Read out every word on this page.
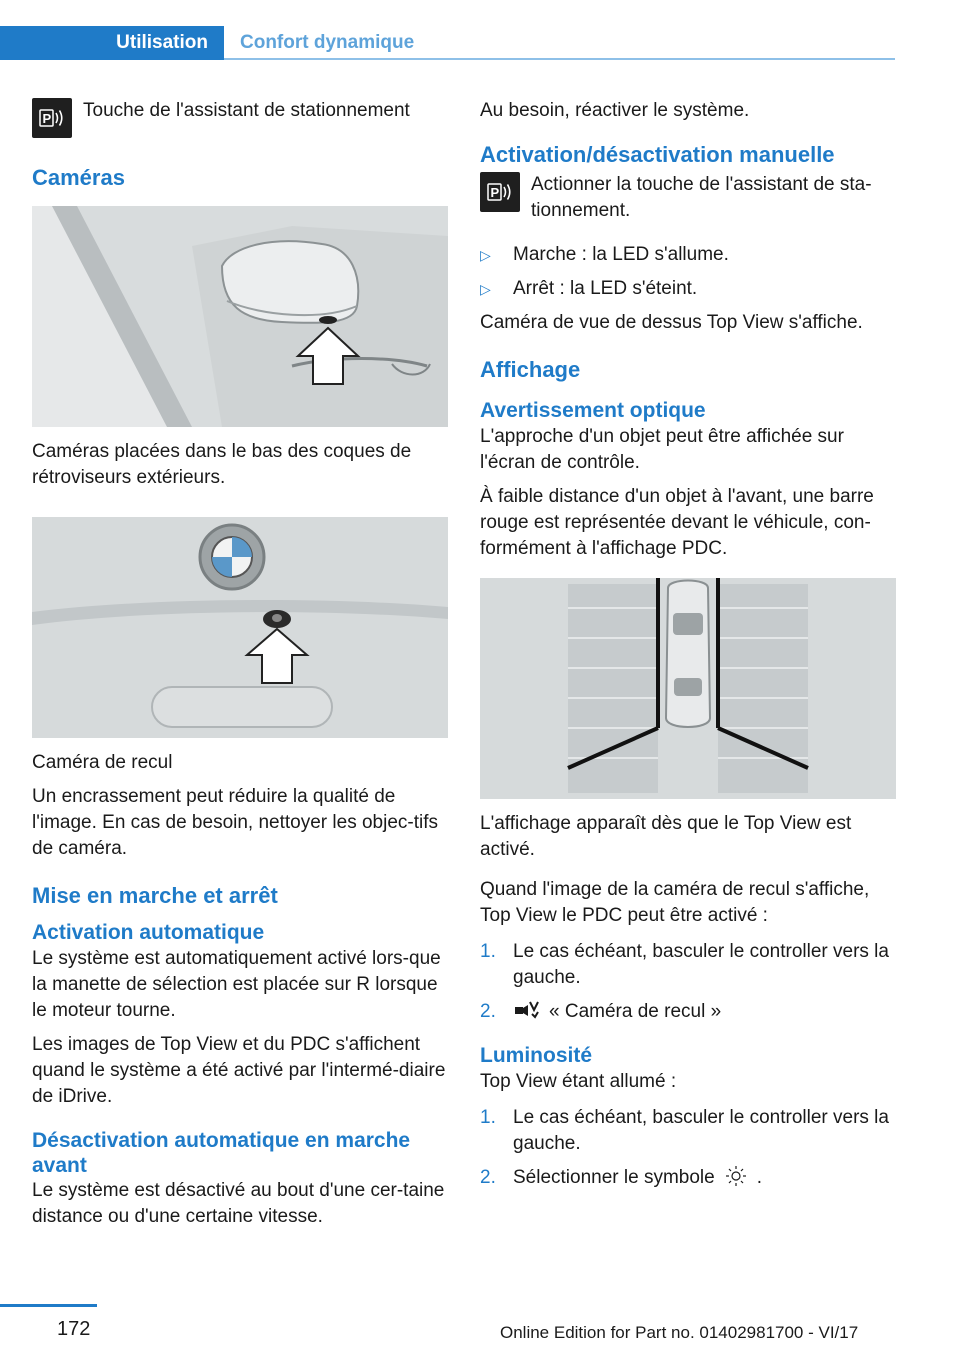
Utilisation	Confort dynamique
P Touche de l'assistant de stationnement
Caméras

Caméras placées dans le bas des coques de rétroviseurs extérieurs.

Caméra de recul

Un encrassement peut réduire la qualité de l'image. En cas de besoin, nettoyer les objec-tifs de caméra.

Mise en marche et arrêt
Activation automatique

Le système est automatiquement activé lors-que la manette de sélection est placée sur R lorsque le moteur tourne.

Les images de Top View et du PDC s'affichent quand le système a été activé par l'intermé-diaire de iDrive.

Désactivation automatique en marche avant

Le système est désactivé au bout d'une cer-taine distance ou d'une certaine vitesse.

Au besoin, réactiver le système.

Activation/désactivation manuelle
P Actionner la touche de l'assistant de sta-tionnement.
▷	Marche : la LED s'allume.
▷	Arrêt : la LED s'éteint.

Caméra de vue de dessus Top View s'affiche.

Affichage
Avertissement optique

L'approche d'un objet peut être affichée sur l'écran de contrôle.

À faible distance d'un objet à l'avant, une barre rouge est représentée devant le véhicule, con-formément à l'affichage PDC.

L'affichage apparaît dès que le Top View est activé.

Quand l'image de la caméra de recul s'affiche, Top View le PDC peut être activé :

1. Le cas échéant, basculer le controller vers la gauche.
2.	« Caméra de recul »
Luminosité

Top View étant allumé :

1. Le cas échéant, basculer le controller vers la gauche.
2. Sélectionner le symbole .
172	Online Edition for Part no. 01402981700 - VI/17
